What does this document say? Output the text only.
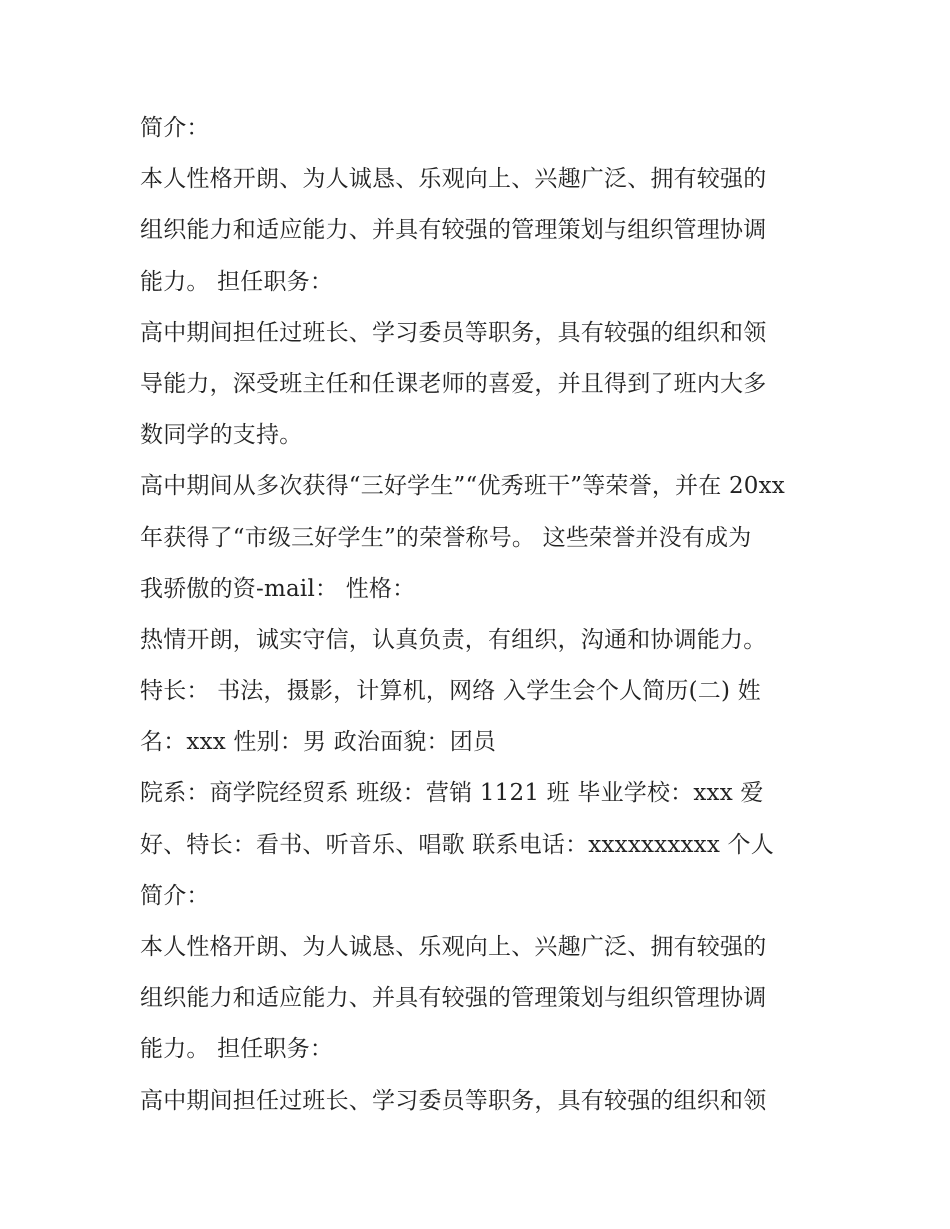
简介：
本人性格开朗、为人诚恳、乐观向上、兴趣广泛、拥有较强的
组织能力和适应能力、并具有较强的管理策划与组织管理协调
能力。 担任职务：
高中期间担任过班长、学习委员等职务，具有较强的组织和领
导能力，深受班主任和任课老师的喜爱，并且得到了班内大多
数同学的支持。
高中期间从多次获得“三好学生”“优秀班干”等荣誉，并在 20xx
年获得了“市级三好学生”的荣誉称号。 这些荣誉并没有成为
我骄傲的资-mail： 性格：
热情开朗，诚实守信，认真负责，有组织，沟通和协调能力。
特长： 书法，摄影，计算机，网络 入学生会个人简历(二) 姓
名：xxx 性别：男 政治面貌：团员
院系：商学院经贸系 班级：营销 1121 班 毕业学校：xxx 爱
好、特长：看书、听音乐、唱歌 联系电话：xxxxxxxxxx 个人
简介：
本人性格开朗、为人诚恳、乐观向上、兴趣广泛、拥有较强的
组织能力和适应能力、并具有较强的管理策划与组织管理协调
能力。 担任职务：
高中期间担任过班长、学习委员等职务，具有较强的组织和领
